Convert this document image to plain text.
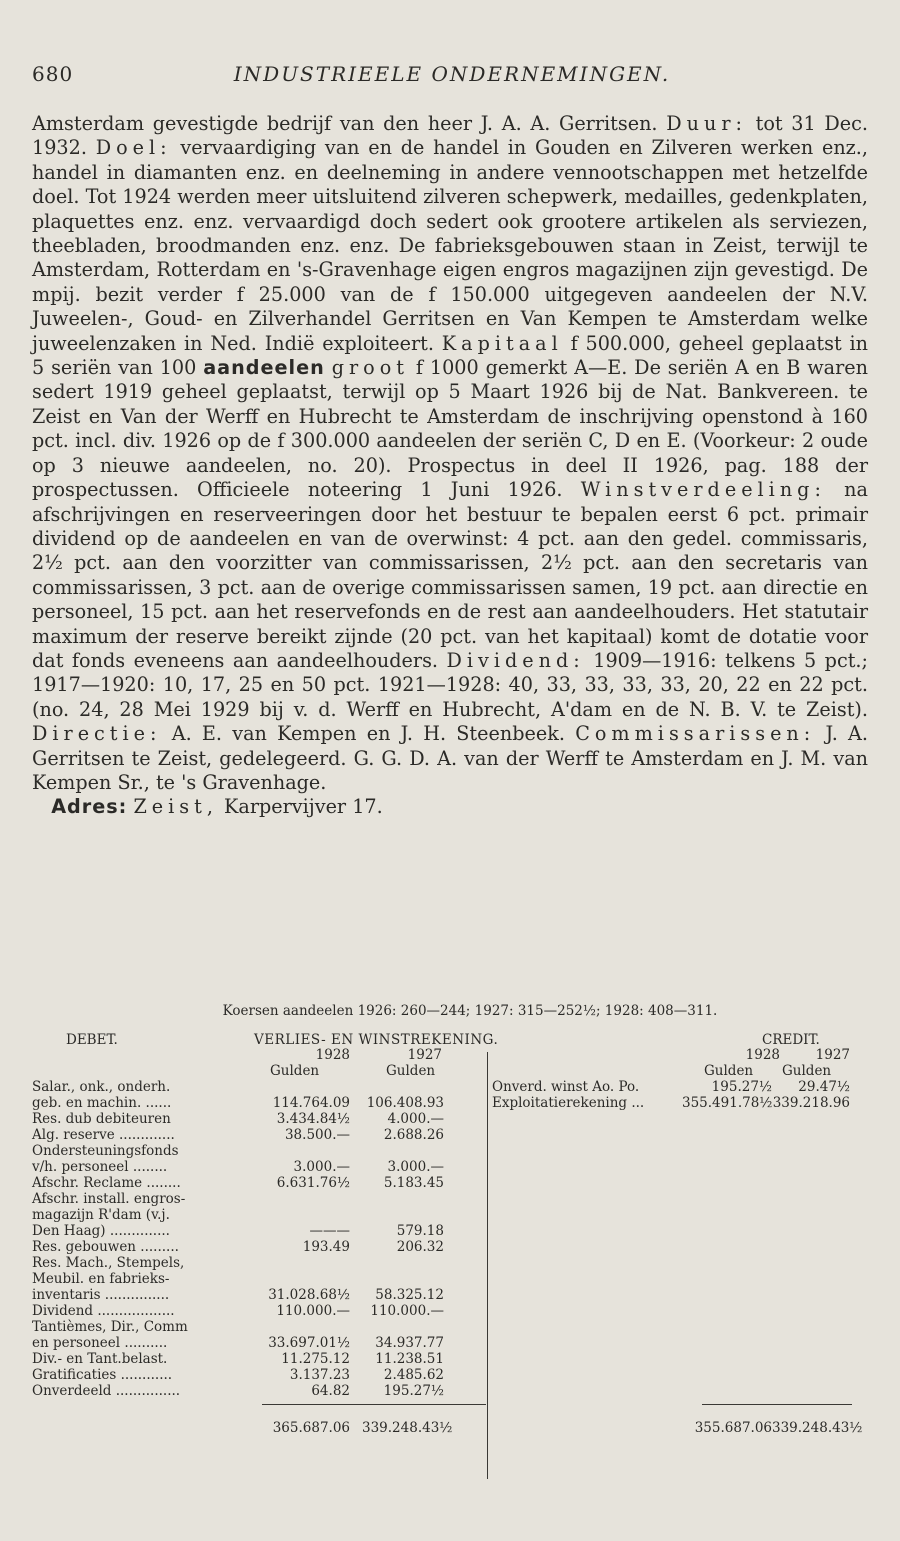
680	INDUSTRIEELE ONDERNEMINGEN.

Amsterdam gevestigde bedrijf van den heer J. A. A. Gerritsen. Duur: tot 31 Dec. 1932. Doel: vervaardiging van en de handel in Gouden en Zilveren werken enz., handel in diamanten enz. en deelneming in andere vennootschappen met hetzelfde doel. Tot 1924 werden meer uitsluitend zilveren schepwerk, medailles, gedenkplaten, plaquettes enz. enz. vervaardigd doch sedert ook grootere artikelen als serviezen, theebladen, broodmanden enz. enz. De fabrieksgebouwen staan in Zeist, terwijl te Amsterdam, Rotterdam en 's-Gravenhage eigen engros magazijnen zijn gevestigd. De mpij. bezit verder f 25.000 van de f 150.000 uitgegeven aandeelen der N.V. Juweelen-, Goud- en Zilverhandel Gerritsen en Van Kempen te Amsterdam welke juweelenzaken in Ned. Indië exploiteert. Kapitaal f 500.000, geheel geplaatst in 5 seriën van 100 aandeelen groot f 1000 gemerkt A—E. De seriën A en B waren sedert 1919 geheel geplaatst, terwijl op 5 Maart 1926 bij de Nat. Bankvereen. te Zeist en Van der Werff en Hubrecht te Amsterdam de inschrijving openstond à 160 pct. incl. div. 1926 op de f 300.000 aandeelen der seriën C, D en E. (Voorkeur: 2 oude op 3 nieuwe aandeelen, no. 20). Prospectus in deel II 1926, pag. 188 der prospectussen. Officieele noteering 1 Juni 1926. Winstverdeeling: na afschrijvingen en reserveeringen door het bestuur te bepalen eerst 6 pct. primair dividend op de aandeelen en van de overwinst: 4 pct. aan den gedel. commissaris, 2½ pct. aan den voorzitter van commissarissen, 2½ pct. aan den secretaris van commissarissen, 3 pct. aan de overige commissarissen samen, 19 pct. aan directie en personeel, 15 pct. aan het reservefonds en de rest aan aandeelhouders. Het statutair maximum der reserve bereikt zijnde (20 pct. van het kapitaal) komt de dotatie voor dat fonds eveneens aan aandeelhouders. Dividend: 1909—1916: telkens 5 pct.; 1917—1920: 10, 17, 25 en 50 pct. 1921—1928: 40, 33, 33, 33, 33, 20, 22 en 22 pct. (no. 24, 28 Mei 1929 bij v. d. Werff en Hubrecht, A'dam en de N. B. V. te Zeist). Directie: A. E. van Kempen en J. H. Steenbeek. Commissarissen: J. A. Gerritsen te Zeist, gedelegeerd. G. G. D. A. van der Werff te Amsterdam en J. M. van Kempen Sr., te 's Gravenhage.

 Adres: Zeist, Karpervijver 17.

Koersen aandeelen 1926: 260—244; 1927: 315—252½; 1928: 408—311.
DEBET.	VERLIES- EN WINSTREKENING.	CREDIT.
1928	1927	1928	1927
Gulden	Gulden	Gulden Gulden
Onverd. winst Ao. Po.	195.27½	29.47½
Exploitatierekening ...	355.491.78½ 339.218.96
Salar., onk., onderh.
geb. en machin. ......	114.764.09	106.408.93
Res. dub debiteuren	3.434.84½	4.000.—
Alg. reserve .............	38.500.—	2.688.26
Ondersteuningsfonds
v/h. personeel ........	3.000.—	3.000.—
Afschr. Reclame ........	6.631.76½	5.183.45
Afschr. install. engros-
magazijn R'dam (v.j.
Den Haag) ..............	———	579.18
Res. gebouwen .........	193.49	206.32
Res. Mach., Stempels,
Meubil. en fabrieks-
inventaris ...............	31.028.68½	58.325.12
Dividend ..................	110.000.—	110.000.—
Tantièmes, Dir., Comm
en personeel ..........	33.697.01½	34.937.77
Div.- en Tant.belast.	11.275.12	11.238.51
Gratificaties ............	3.137.23	2.485.62
Onverdeeld ...............	64.82	195.27½
365.687.06 339.248.43½	355.687.06 339.248.43½
